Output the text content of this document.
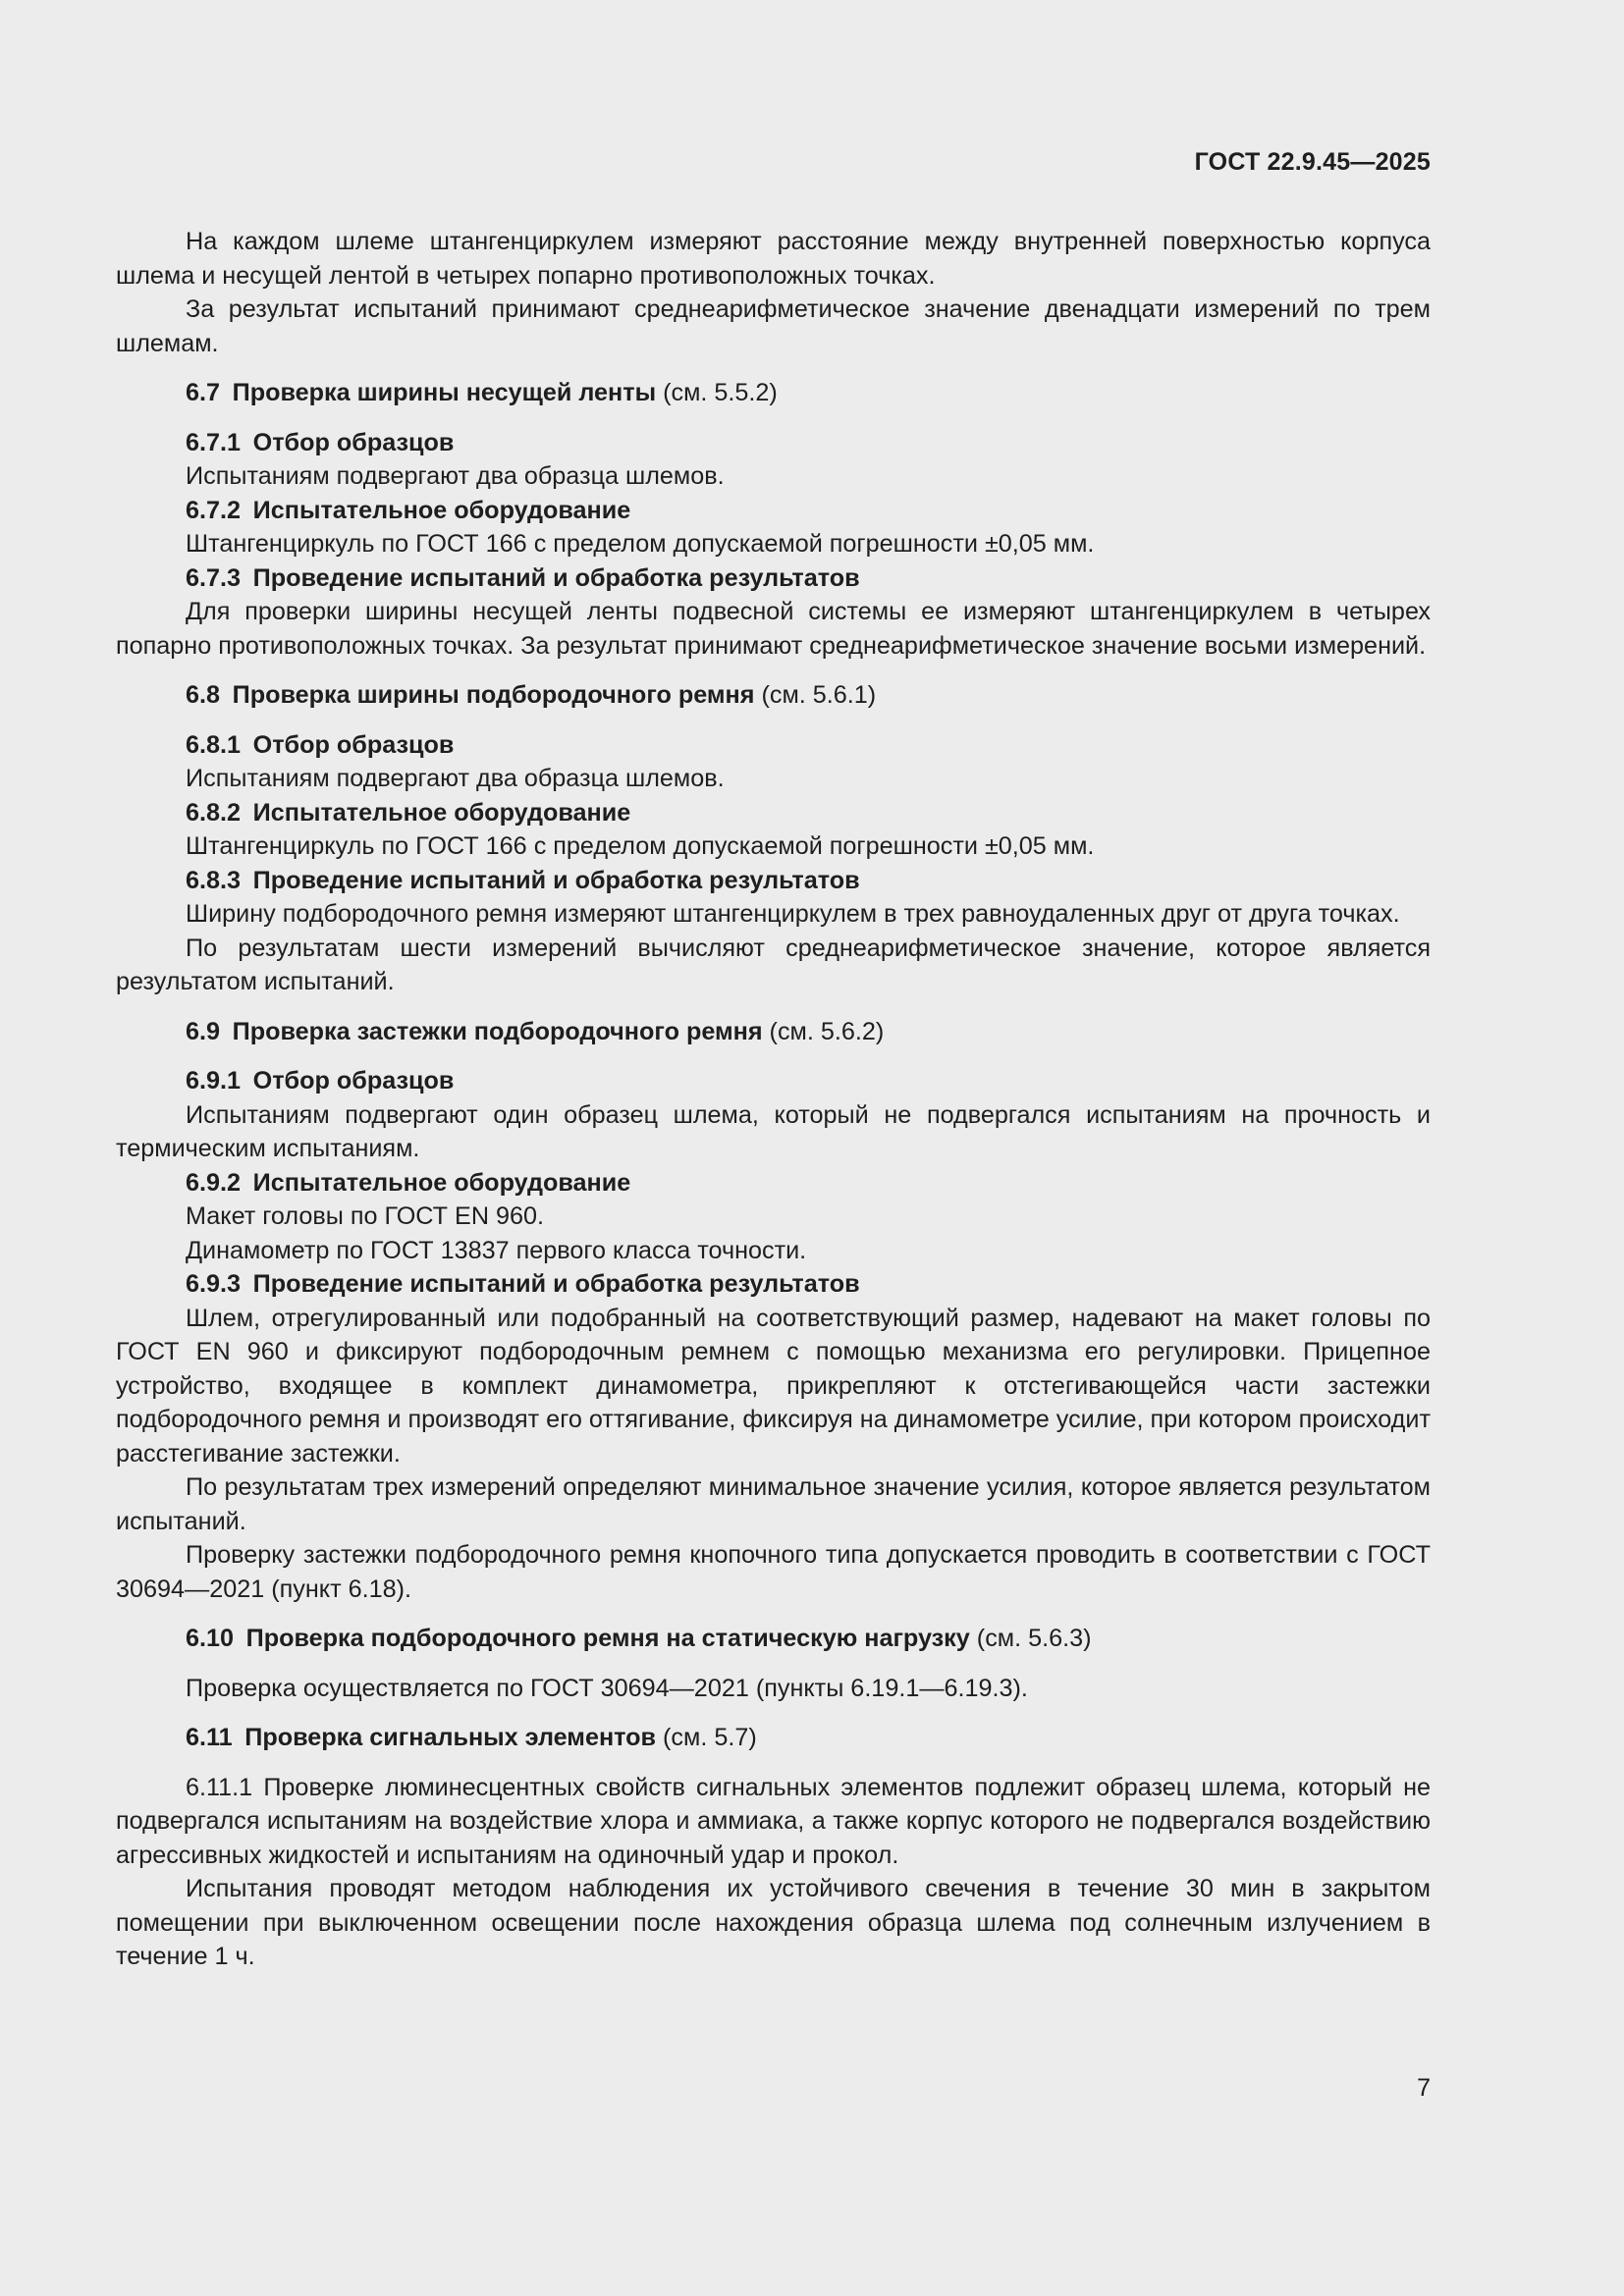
ГОСТ 22.9.45—2025

На каждом шлеме штангенциркулем измеряют расстояние между внутренней поверхностью корпуса шлема и несущей лентой в четырех попарно противоположных точках.

За результат испытаний принимают среднеарифметическое значение двенадцати измерений по трем шлемам.

6.7  Проверка ширины несущей ленты (см. 5.5.2)

6.7.1  Отбор образцов

Испытаниям подвергают два образца шлемов.

6.7.2  Испытательное оборудование

Штангенциркуль по ГОСТ 166 с пределом допускаемой погрешности ±0,05 мм.

6.7.3  Проведение испытаний и обработка результатов

Для проверки ширины несущей ленты подвесной системы ее измеряют штангенциркулем в четырех попарно противоположных точках. За результат принимают среднеарифметическое значение восьми измерений.

6.8  Проверка ширины подбородочного ремня (см. 5.6.1)

6.8.1  Отбор образцов

Испытаниям подвергают два образца шлемов.

6.8.2  Испытательное оборудование

Штангенциркуль по ГОСТ 166 с пределом допускаемой погрешности ±0,05 мм.

6.8.3  Проведение испытаний и обработка результатов

Ширину подбородочного ремня измеряют штангенциркулем в трех равноудаленных друг от друга точках.

По результатам шести измерений вычисляют среднеарифметическое значение, которое является результатом испытаний.

6.9  Проверка застежки подбородочного ремня (см. 5.6.2)

6.9.1  Отбор образцов

Испытаниям подвергают один образец шлема, который не подвергался испытаниям на прочность и термическим испытаниям.

6.9.2  Испытательное оборудование

Макет головы по ГОСТ EN 960.

Динамометр по ГОСТ 13837 первого класса точности.

6.9.3  Проведение испытаний и обработка результатов

Шлем, отрегулированный или подобранный на соответствующий размер, надевают на макет головы по ГОСТ EN 960 и фиксируют подбородочным ремнем с помощью механизма его регулировки. Прицепное устройство, входящее в комплект динамометра, прикрепляют к отстегивающейся части застежки подбородочного ремня и производят его оттягивание, фиксируя на динамометре усилие, при котором происходит расстегивание застежки.

По результатам трех измерений определяют минимальное значение усилия, которое является результатом испытаний.

Проверку застежки подбородочного ремня кнопочного типа допускается проводить в соответствии с ГОСТ 30694—2021 (пункт 6.18).

6.10  Проверка подбородочного ремня на статическую нагрузку (см. 5.6.3)

Проверка осуществляется по ГОСТ 30694—2021 (пункты 6.19.1—6.19.3).

6.11  Проверка сигнальных элементов (см. 5.7)

6.11.1 Проверке люминесцентных свойств сигнальных элементов подлежит образец шлема, который не подвергался испытаниям на воздействие хлора и аммиака, а также корпус которого не подвергался воздействию агрессивных жидкостей и испытаниям на одиночный удар и прокол.

Испытания проводят методом наблюдения их устойчивого свечения в течение 30 мин в закрытом помещении при выключенном освещении после нахождения образца шлема под солнечным излучением в течение 1 ч.

7
